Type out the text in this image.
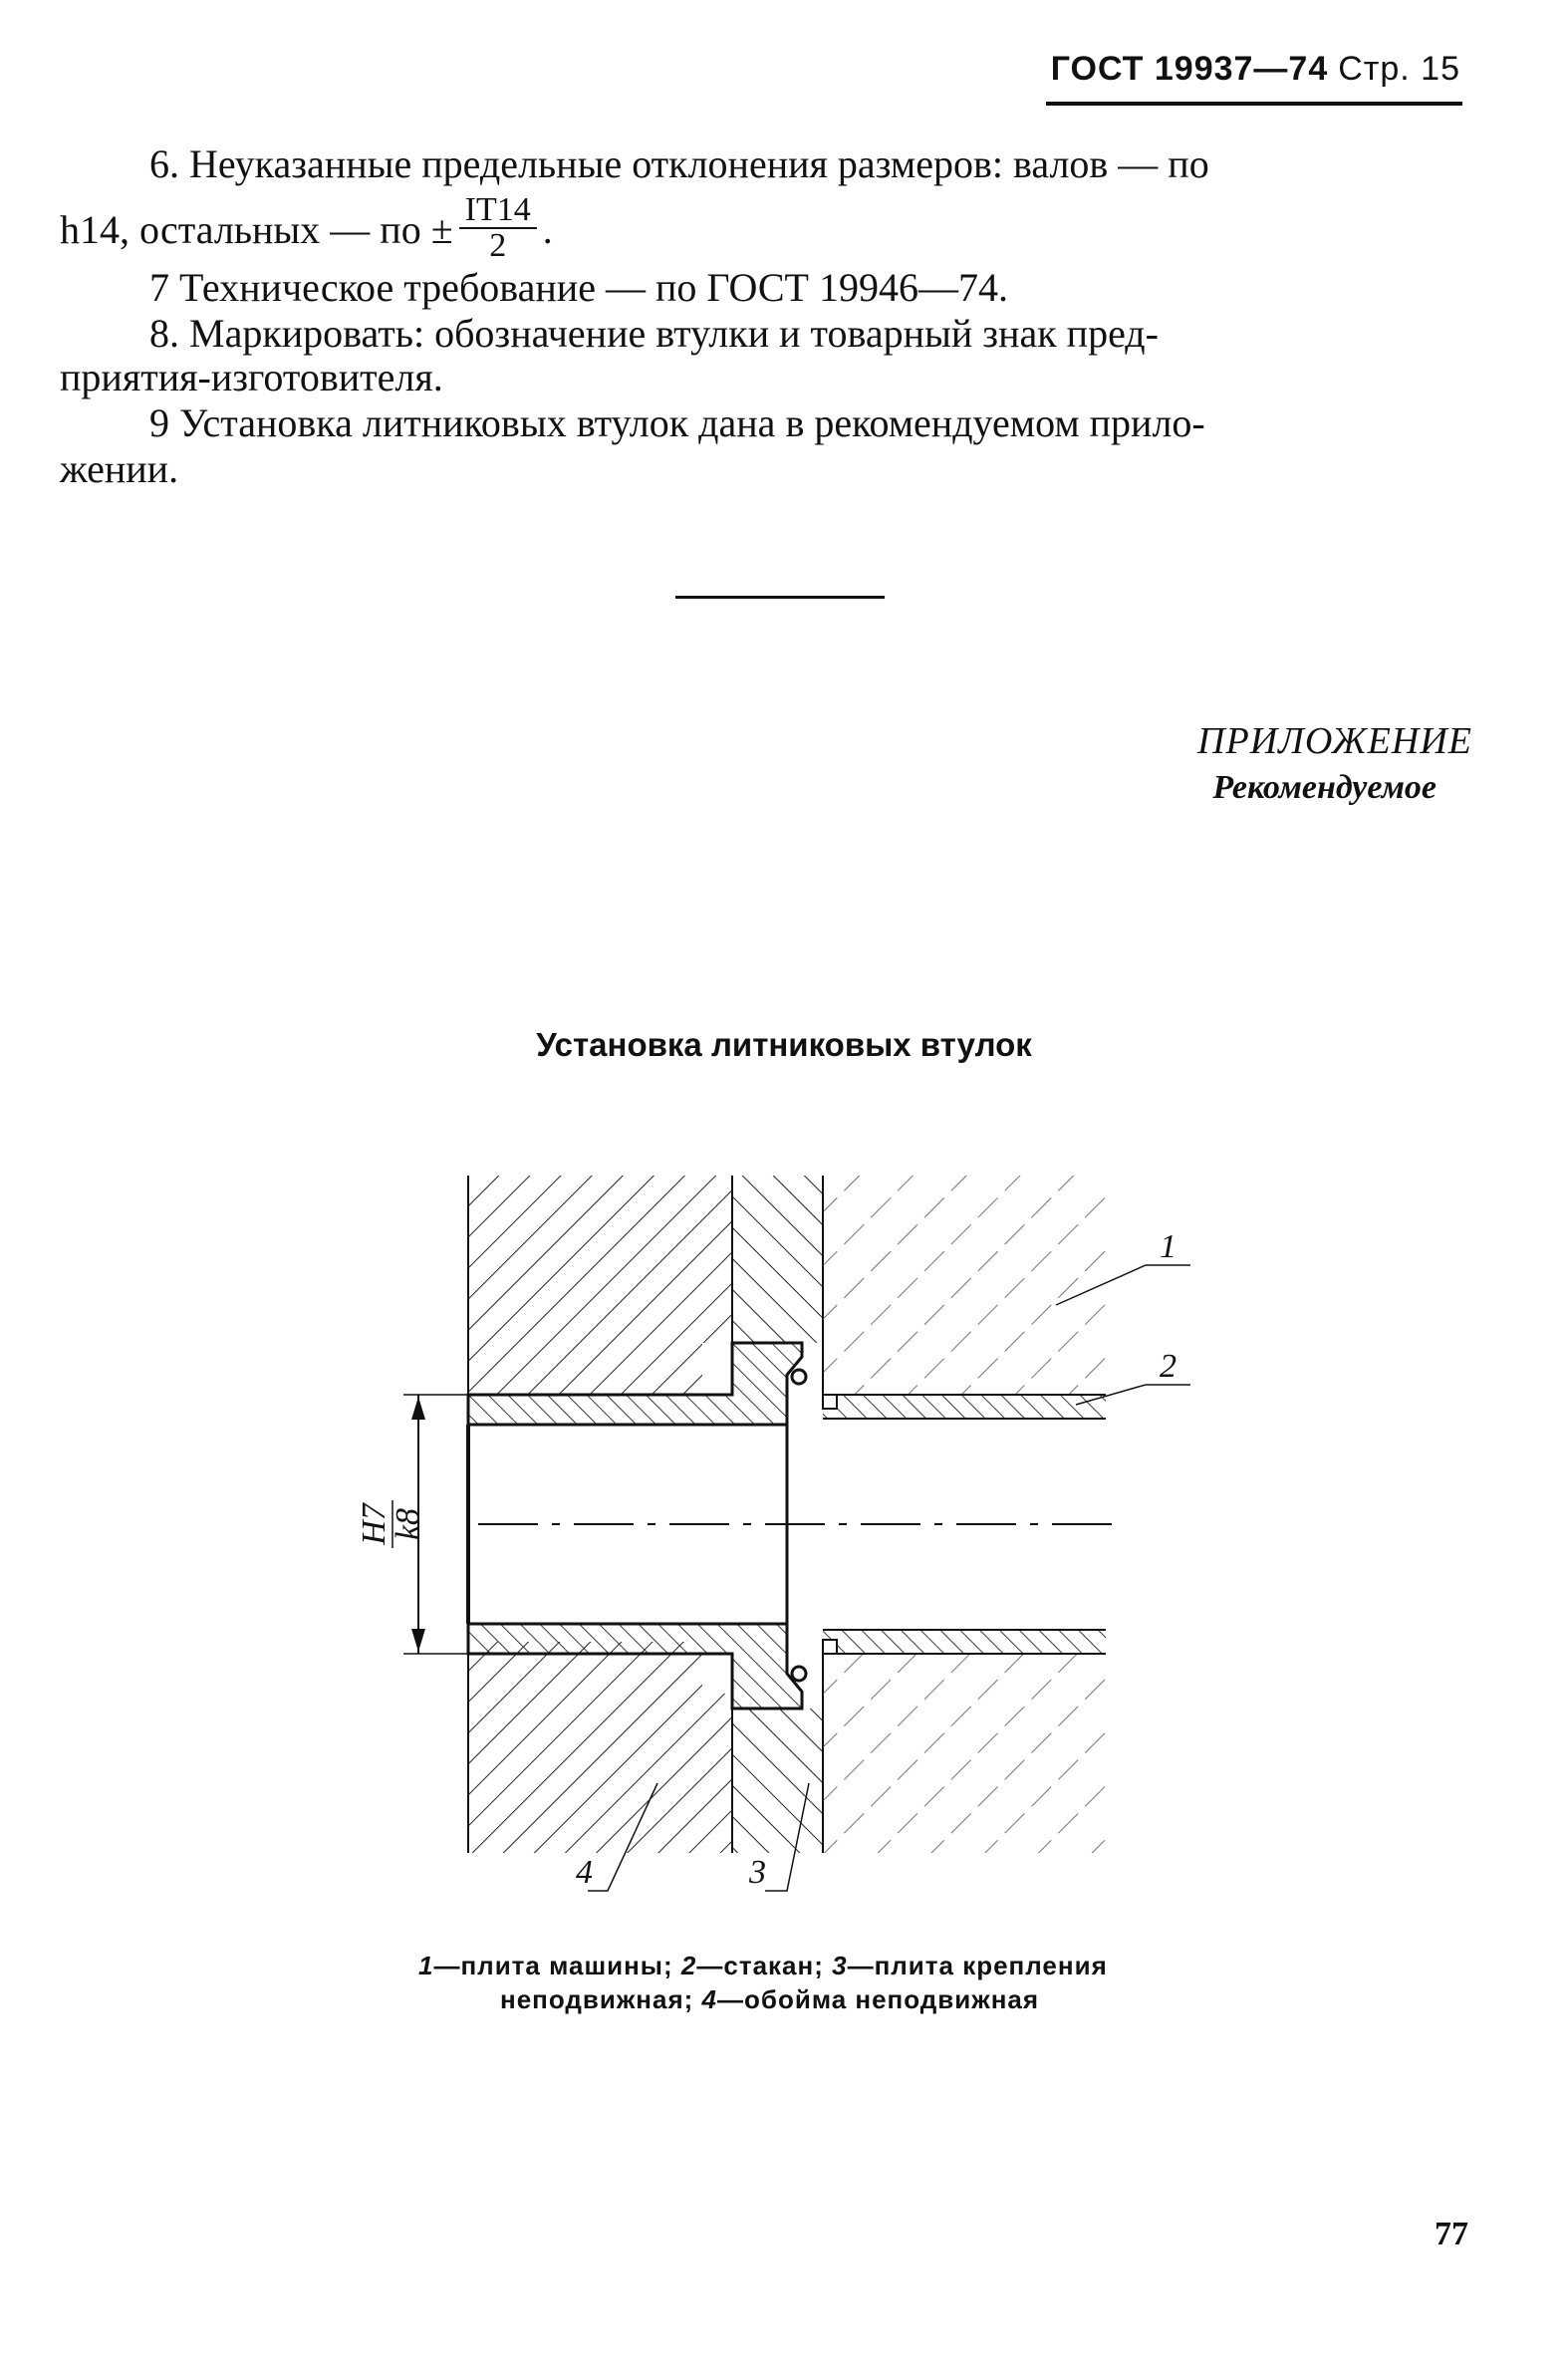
ГОСТ 19937—74 Стр. 15
6. Неуказанные предельные отклонения размеров: валов — по
h14, остальных — по ± $\frac{IT14}{2}$ .
7 Техническое требование — по ГОСТ 19946—74.
8. Маркировать: обозначение втулки и товарный знак пред-
приятия-изготовителя.
9 Установка литниковых втулок дана в рекомендуемом прило-
жении.
ПРИЛОЖЕНИЕ
Рекомендуемое
Установка литниковых втулок
H7
k8
1
2
3
4
1—плита машины; 2—стакан; 3—плита крепления
неподвижная; 4—обойма неподвижная
77
